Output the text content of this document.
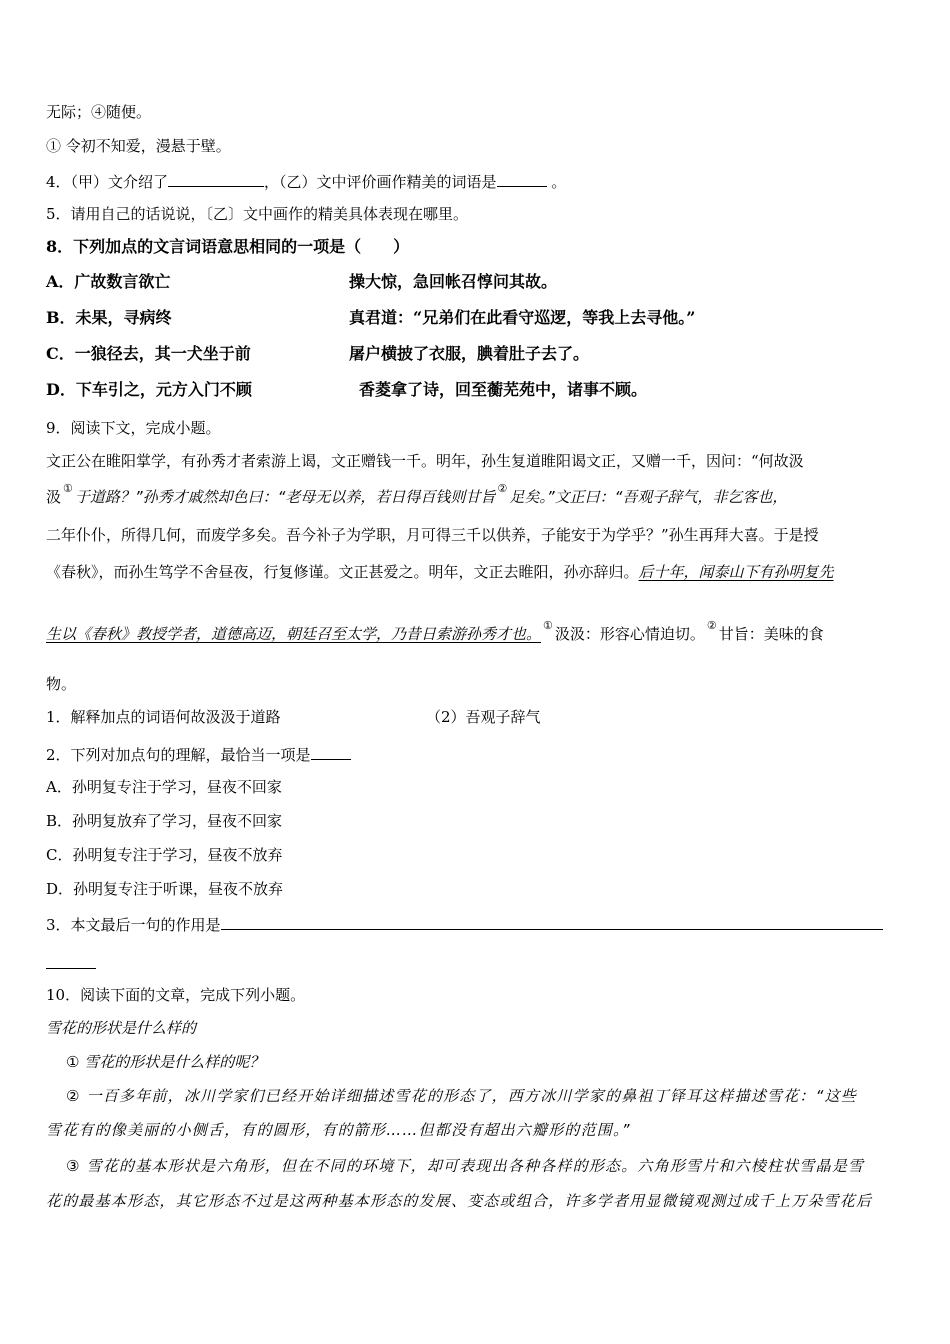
无际；④随便。
① 令初不知爱，漫悬于壁。
4．（甲）文介绍了	，（乙）文中评价画作精美的词语是	。
5．请用自己的话说说，〔乙〕文中画作的精美具体表现在哪里。
8．下列加点的文言词语意思相同的一项是（　　）
A．广故数言欲亡	操大惊，急回帐召惇问其故。
B．未果，寻病终	真君道：“兄弟们在此看守巡逻，等我上去寻他。”
C．一狼径去，其一犬坐于前	屠户横披了衣服，腆着肚子去了。
D．下车引之，元方入门不顾	香菱拿了诗，回至蘅芜苑中，诸事不顾。
9．阅读下文，完成小题。
文正公在睢阳掌学，有孙秀才者索游上谒，文正赠钱一千。明年，孙生复道睢阳谒文正，又赠一千，因问：“何故汲
汲 ① 于道路？”孙秀才戚然却色曰：“老母无以养，若日得百钱则甘旨 ② 足矣。”文正曰：“吾观子辞气，非乞客也，
二年仆仆，所得几何，而废学多矣。吾今补子为学职，月可得三千以供养，子能安于为学乎？”孙生再拜大喜。于是授
《春秋》，而孙生笃学不舍昼夜，行复修谨。文正甚爱之。明年，文正去睢阳，孙亦辞归。后十年，闻泰山下有孙明复先
生以《春秋》教授学者，道德高迈，朝廷召至太学，乃昔日索游孙秀才也。 ① 汲汲：形容心情迫切。 ② 甘旨：美味的食
物。
1．解释加点的词语何故汲汲于道路	（2）吾观子辞气
2．下列对加点句的理解，最恰当一项是
A．孙明复专注于学习，昼夜不回家
B．孙明复放弃了学习，昼夜不回家
C．孙明复专注于学习，昼夜不放弃
D．孙明复专注于听课，昼夜不放弃
3．本文最后一句的作用是
10．阅读下面的文章，完成下列小题。
雪花的形状是什么样的
① 雪花的形状是什么样的呢？
② 一百多年前，冰川学家们已经开始详细描述雪花的形态了，西方冰川学家的鼻祖丁铎耳这样描述雪花：“这些
雪花有的像美丽的小侧舌，有的圆形，有的箭形……但都没有超出六瓣形的范围。”
③ 雪花的基本形状是六角形，但在不同的环境下，却可表现出各种各样的形态。六角形雪片和六棱柱状雪晶是雪
花的最基本形态，其它形态不过是这两种基本形态的发展、变态或组合，许多学者用显微镜观测过成千上万朵雪花后
